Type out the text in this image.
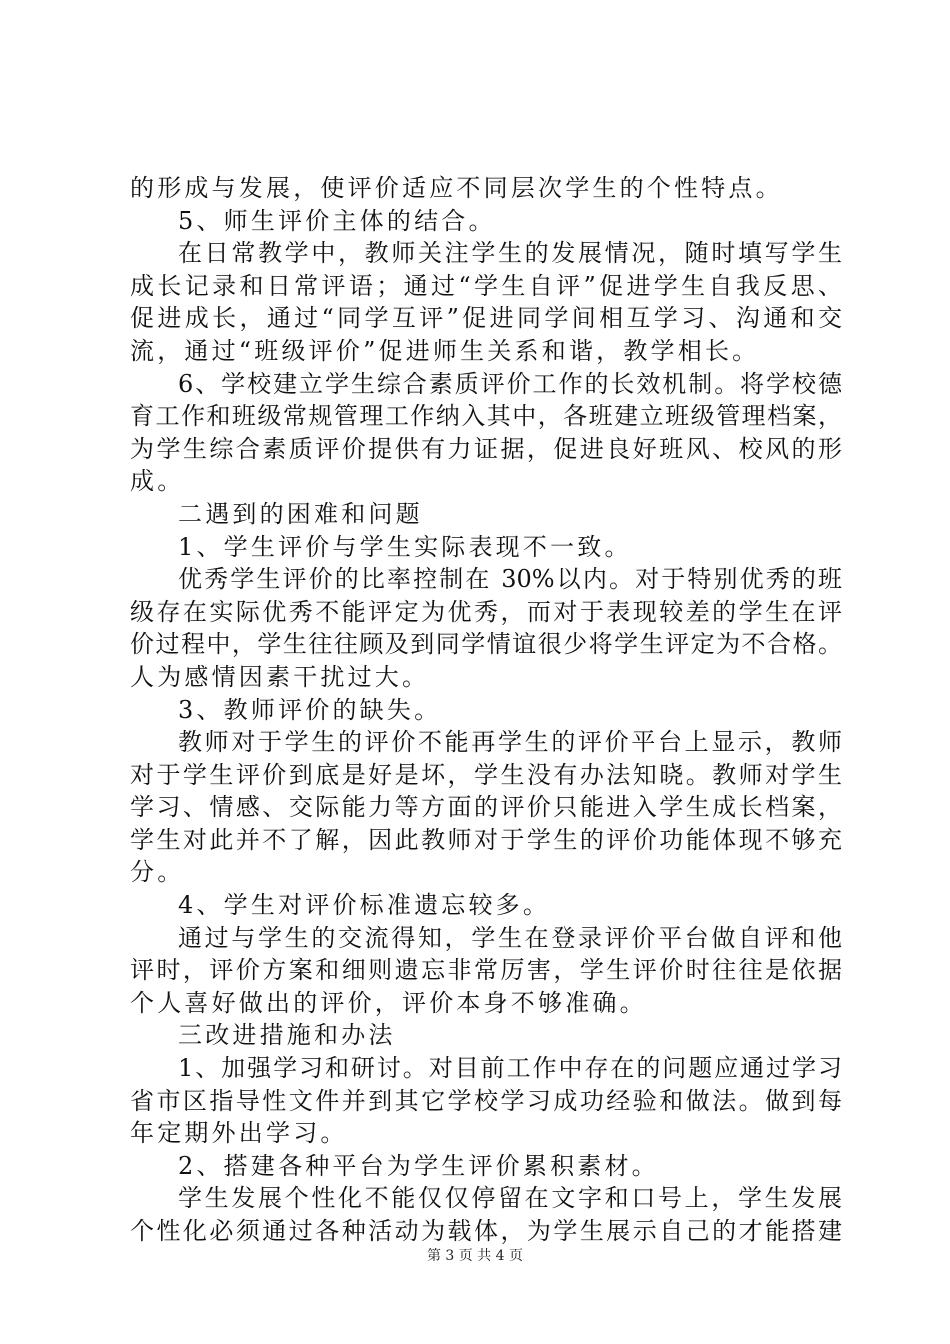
的形成与发展，使评价适应不同层次学生的个性特点。
5、师生评价主体的结合。
在日常教学中，教师关注学生的发展情况，随时填写学生
成长记录和日常评语；通过“学生自评”促进学生自我反思、
促进成长，通过“同学互评”促进同学间相互学习、沟通和交
流，通过“班级评价”促进师生关系和谐，教学相长。
6、学校建立学生综合素质评价工作的长效机制。将学校德
育工作和班级常规管理工作纳入其中，各班建立班级管理档案，
为学生综合素质评价提供有力证据，促进良好班风、校风的形
成。
二遇到的困难和问题
1、学生评价与学生实际表现不一致。
优秀学生评价的比率控制在 30%以内。对于特别优秀的班
级存在实际优秀不能评定为优秀，而对于表现较差的学生在评
价过程中，学生往往顾及到同学情谊很少将学生评定为不合格。
人为感情因素干扰过大。
3、教师评价的缺失。
教师对于学生的评价不能再学生的评价平台上显示，教师
对于学生评价到底是好是坏，学生没有办法知晓。教师对学生
学习、情感、交际能力等方面的评价只能进入学生成长档案，
学生对此并不了解，因此教师对于学生的评价功能体现不够充
分。
4、学生对评价标准遗忘较多。
通过与学生的交流得知，学生在登录评价平台做自评和他
评时，评价方案和细则遗忘非常厉害，学生评价时往往是依据
个人喜好做出的评价，评价本身不够准确。
三改进措施和办法
1、加强学习和研讨。对目前工作中存在的问题应通过学习
省市区指导性文件并到其它学校学习成功经验和做法。做到每
年定期外出学习。
2、搭建各种平台为学生评价累积素材。
学生发展个性化不能仅仅停留在文字和口号上，学生发展
个性化必须通过各种活动为载体，为学生展示自己的才能搭建
第 3 页 共 4 页
